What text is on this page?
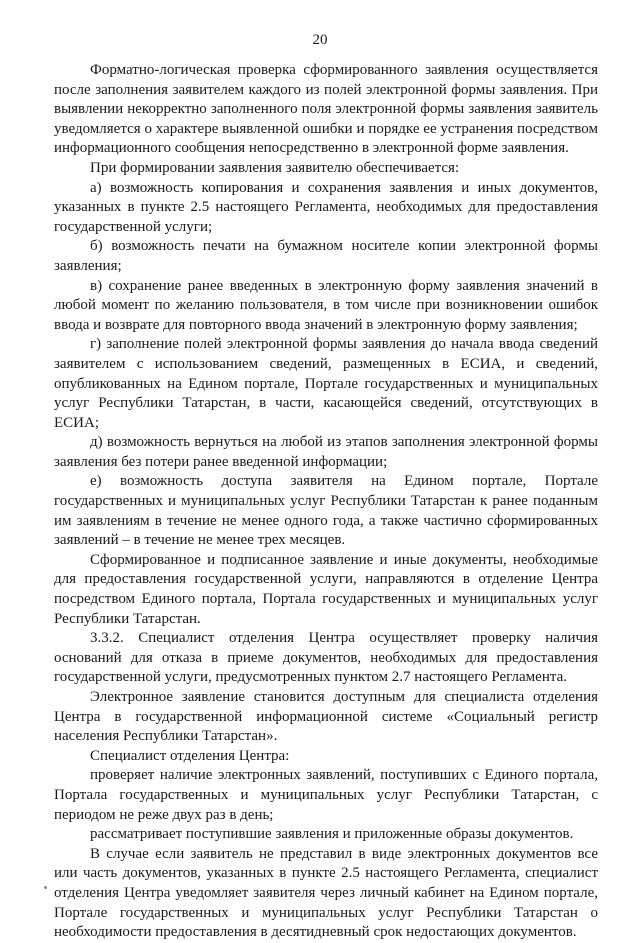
20

Форматно-логическая проверка сформированного заявления осуществляется после заполнения заявителем каждого из полей электронной формы заявления. При выявлении некорректно заполненного поля электронной формы заявления заявитель уведомляется о характере выявленной ошибки и порядке ее устранения посредством информационного сообщения непосредственно в электронной форме заявления.

При формировании заявления заявителю обеспечивается:

а) возможность копирования и сохранения заявления и иных документов, указанных в пункте 2.5 настоящего Регламента, необходимых для предоставления государственной услуги;

б) возможность печати на бумажном носителе копии электронной формы заявления;

в) сохранение ранее введенных в электронную форму заявления значений в любой момент по желанию пользователя, в том числе при возникновении ошибок ввода и возврате для повторного ввода значений в электронную форму заявления;

г) заполнение полей электронной формы заявления до начала ввода сведений заявителем с использованием сведений, размещенных в ЕСИА, и сведений, опубликованных на Едином портале, Портале государственных и муниципальных услуг Республики Татарстан, в части, касающейся сведений, отсутствующих в ЕСИА;

д) возможность вернуться на любой из этапов заполнения электронной формы заявления без потери ранее введенной информации;

е) возможность доступа заявителя на Едином портале, Портале государственных и муниципальных услуг Республики Татарстан к ранее поданным им заявлениям в течение не менее одного года, а также частично сформированных заявлений – в течение не менее трех месяцев.

Сформированное и подписанное заявление и иные документы, необходимые для предоставления государственной услуги, направляются в отделение Центра посредством Единого портала, Портала государственных и муниципальных услуг Республики Татарстан.

3.3.2. Специалист отделения Центра осуществляет проверку наличия оснований для отказа в приеме документов, необходимых для предоставления государственной услуги, предусмотренных пунктом 2.7 настоящего Регламента.

Электронное заявление становится доступным для специалиста отделения Центра в государственной информационной системе «Социальный регистр населения Республики Татарстан».

Специалист отделения Центра:

проверяет наличие электронных заявлений, поступивших с Единого портала, Портала государственных и муниципальных услуг Республики Татарстан, с периодом не реже двух раз в день;

рассматривает поступившие заявления и приложенные образы документов.

В случае если заявитель не представил в виде электронных документов все или часть документов, указанных в пункте 2.5 настоящего Регламента, специалист отделения Центра уведомляет заявителя через личный кабинет на Едином портале, Портале государственных и муниципальных услуг Республики Татарстан о необходимости предоставления в десятидневный срок недостающих документов.
